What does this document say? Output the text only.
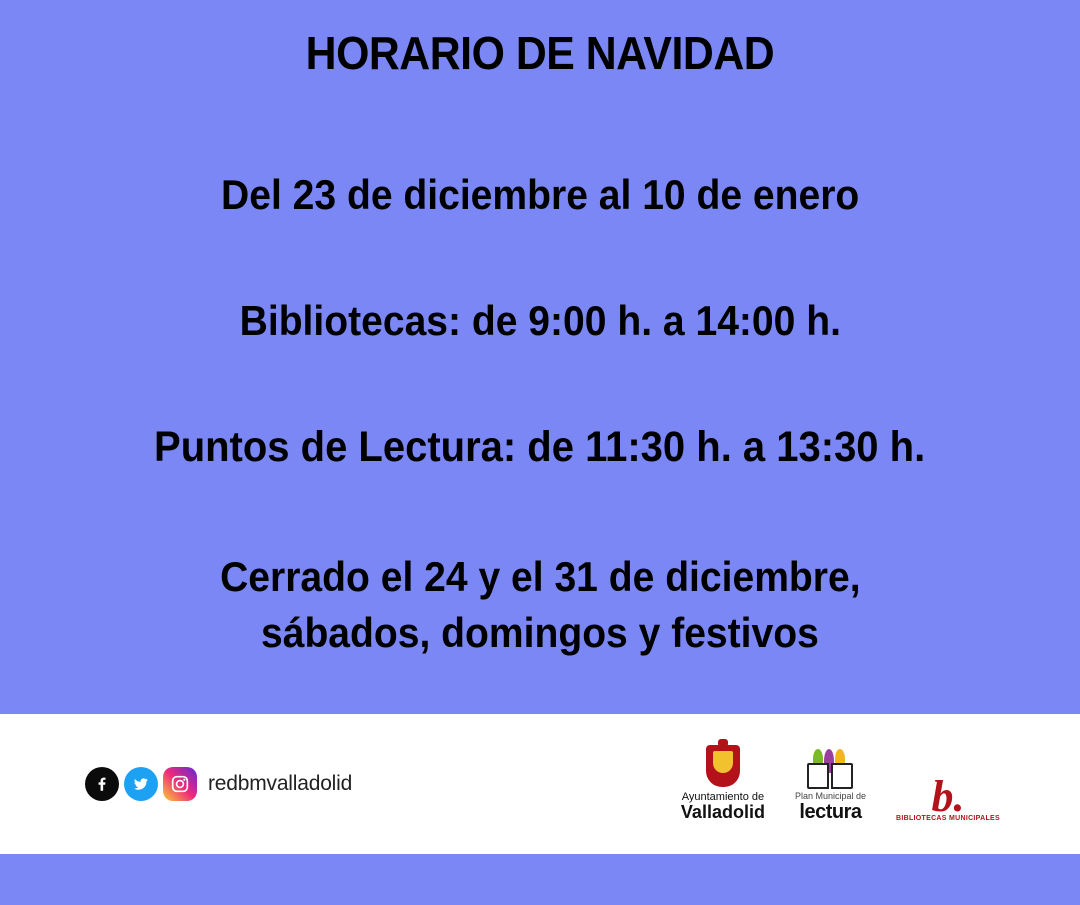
HORARIO DE NAVIDAD
Del 23 de diciembre al 10 de enero
Bibliotecas: de 9:00 h. a 14:00 h.
Puntos de Lectura: de 11:30 h. a 13:30 h.
Cerrado el 24 y el 31 de diciembre,
sábados, domingos y festivos
redbmvalladolid
Ayuntamiento de
Valladolid
Plan Municipal de
lectura b.
BIBLIOTECAS MUNICIPALES
